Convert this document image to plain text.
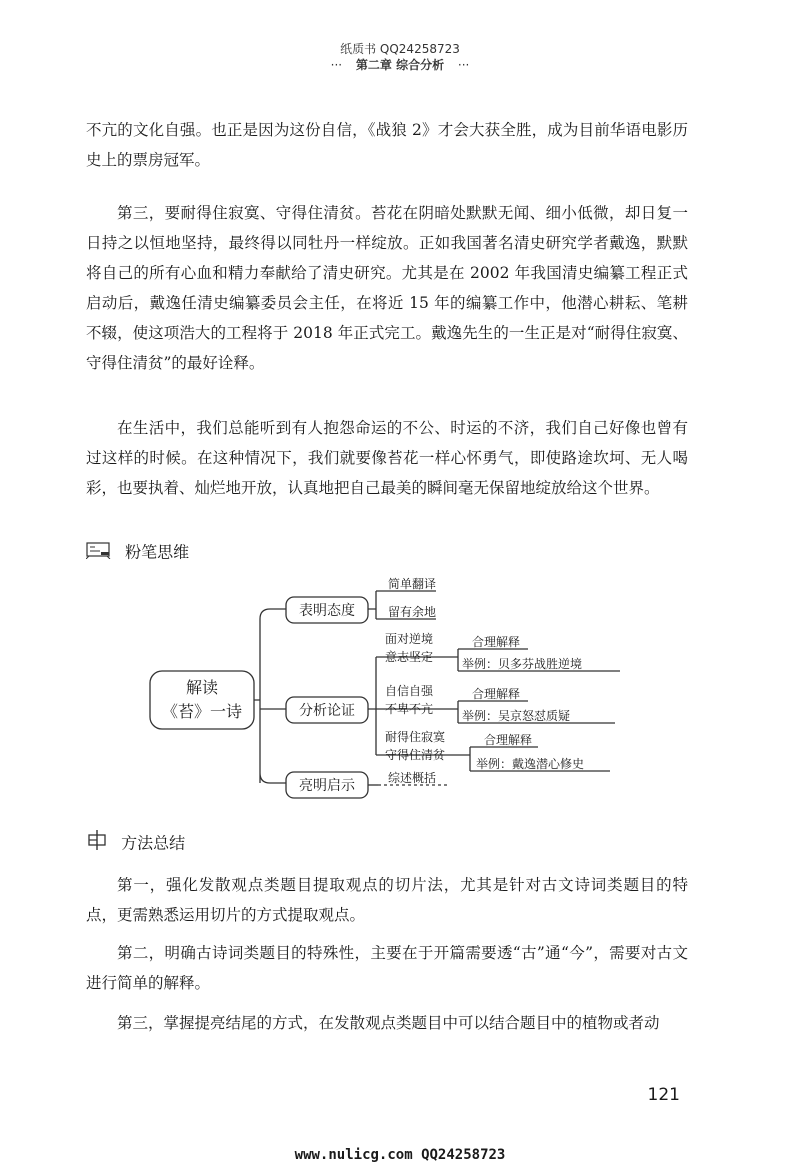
纸质书 QQ24258723
··· 第二章 综合分析 ···

不亢的文化自强。也正是因为这份自信，《战狼 2》才会大获全胜，成为目前华语电影历史上的票房冠军。

第三，要耐得住寂寞、守得住清贫。苔花在阴暗处默默无闻、细小低微，却日复一日持之以恒地坚持，最终得以同牡丹一样绽放。正如我国著名清史研究学者戴逸，默默将自己的所有心血和精力奉献给了清史研究。尤其是在 2002 年我国清史编纂工程正式启动后，戴逸任清史编纂委员会主任，在将近 15 年的编纂工作中，他潜心耕耘、笔耕不辍，使这项浩大的工程将于 2018 年正式完工。戴逸先生的一生正是对“耐得住寂寞、守得住清贫”的最好诠释。

在生活中，我们总能听到有人抱怨命运的不公、时运的不济，我们自己好像也曾有过这样的时候。在这种情况下，我们就要像苔花一样心怀勇气，即使路途坎坷、无人喝彩，也要执着、灿烂地开放，认真地把自己最美的瞬间毫无保留地绽放给这个世界。

粉笔思维
解读
《苔》一诗
表明态度
分析论证
亮明启示
简单翻译
留有余地
面对逆境
意志坚定
合理解释
举例：贝多芬战胜逆境
自信自强
不卑不亢
合理解释
举例：吴京怒怼质疑
耐得住寂寞
守得住清贫
合理解释
举例：戴逸潜心修史
综述概括
方法总结

第一，强化发散观点类题目提取观点的切片法，尤其是针对古文诗词类题目的特点，更需熟悉运用切片的方式提取观点。

第二，明确古诗词类题目的特殊性，主要在于开篇需要透“古”通“今”，需要对古文进行简单的解释。

第三，掌握提亮结尾的方式，在发散观点类题目中可以结合题目中的植物或者动

121
www.nulicg.com QQ24258723
